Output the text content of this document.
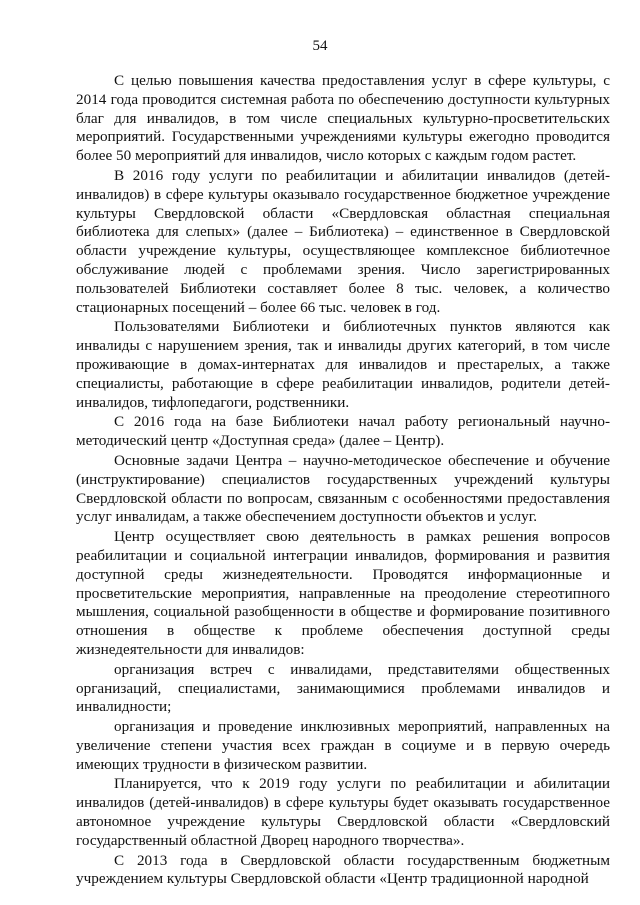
54

С целью повышения качества предоставления услуг в сфере культуры, с 2014 года проводится системная работа по обеспечению доступности культурных благ для инвалидов, в том числе специальных культурно-просветительских мероприятий. Государственными учреждениями культуры ежегодно проводится более 50 мероприятий для инвалидов, число которых с каждым годом растет.

В 2016 году услуги по реабилитации и абилитации инвалидов (детей-инвалидов) в сфере культуры оказывало государственное бюджетное учреждение культуры Свердловской области «Свердловская областная специальная библиотека для слепых» (далее – Библиотека) – единственное в Свердловской области учреждение культуры, осуществляющее комплексное библиотечное обслуживание людей с проблемами зрения. Число зарегистрированных пользователей Библиотеки составляет более 8 тыс. человек, а количество стационарных посещений – более 66 тыс. человек в год.

Пользователями Библиотеки и библиотечных пунктов являются как инвалиды с нарушением зрения, так и инвалиды других категорий, в том числе проживающие в домах-интернатах для инвалидов и престарелых, а также специалисты, работающие в сфере реабилитации инвалидов, родители детей-инвалидов, тифлопедагоги, родственники.

С 2016 года на базе Библиотеки начал работу региональный научно-методический центр «Доступная среда» (далее – Центр).

Основные задачи Центра – научно-методическое обеспечение и обучение (инструктирование) специалистов государственных учреждений культуры Свердловской области по вопросам, связанным с особенностями предоставления услуг инвалидам, а также обеспечением доступности объектов и услуг.

Центр осуществляет свою деятельность в рамках решения вопросов реабилитации и социальной интеграции инвалидов, формирования и развития доступной среды жизнедеятельности. Проводятся информационные и просветительские мероприятия, направленные на преодоление стереотипного мышления, социальной разобщенности в обществе и формирование позитивного отношения в обществе к проблеме обеспечения доступной среды жизнедеятельности для инвалидов:

организация встреч с инвалидами, представителями общественных организаций, специалистами, занимающимися проблемами инвалидов и инвалидности;

организация и проведение инклюзивных мероприятий, направленных на увеличение степени участия всех граждан в социуме и в первую очередь имеющих трудности в физическом развитии.

Планируется, что к 2019 году услуги по реабилитации и абилитации инвалидов (детей-инвалидов) в сфере культуры будет оказывать государственное автономное учреждение культуры Свердловской области «Свердловский государственный областной Дворец народного творчества».

С 2013 года в Свердловской области государственным бюджетным учреждением культуры Свердловской области «Центр традиционной народной
